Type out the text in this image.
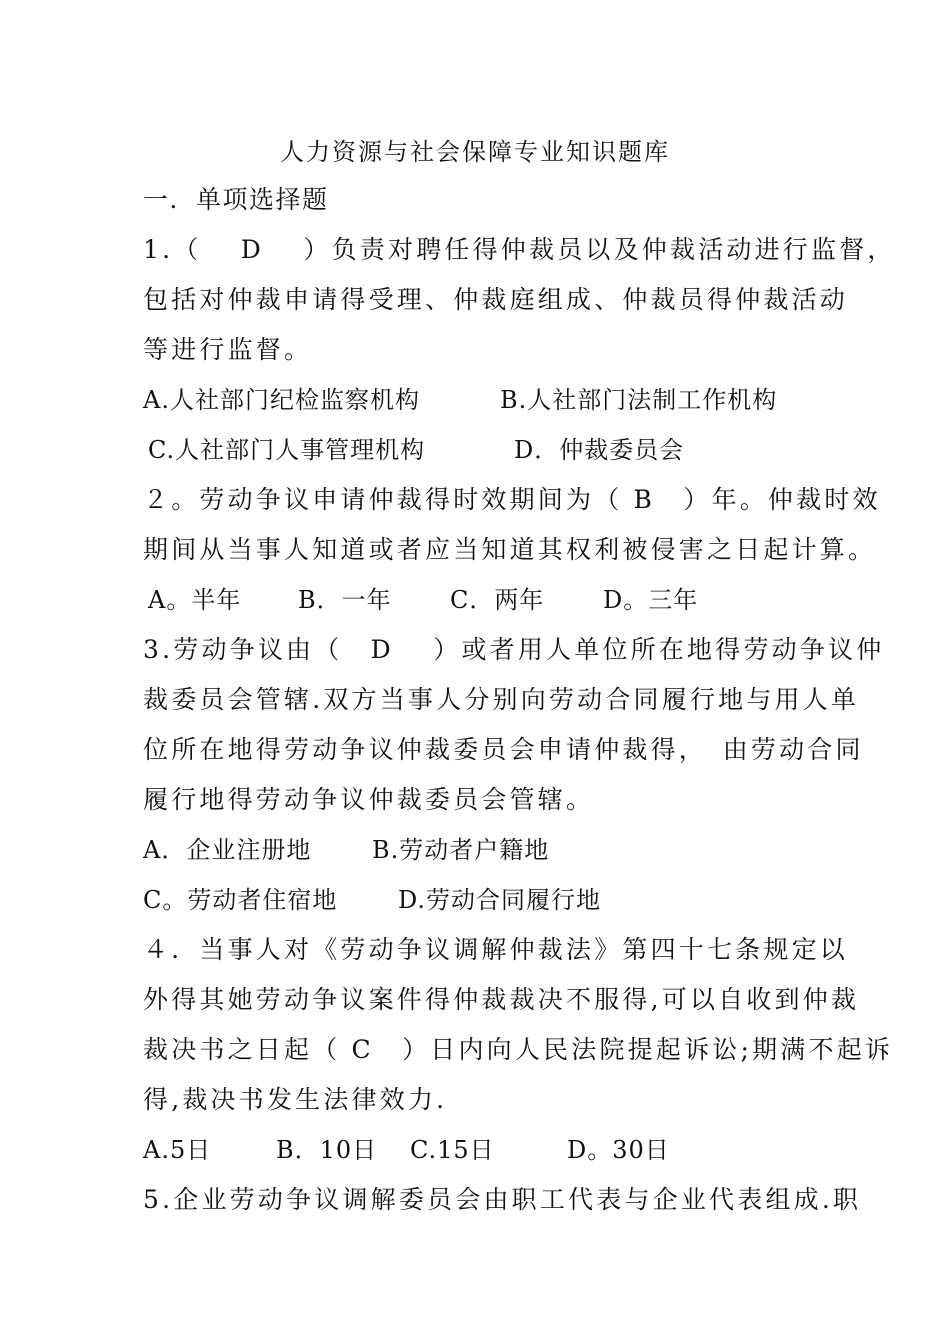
人力资源与社会保障专业知识题库
一．单项选择题
1.（　 D　 ）负责对聘任得仲裁员以及仲裁活动进行监督，
包括对仲裁申请得受理、仲裁庭组成、仲裁员得仲裁活动
等进行监督。
A.人社部门纪检监察机构	B.人社部门法制工作机构
C.人社部门人事管理机构	D．仲裁委员会
２。劳动争议申请仲裁得时效期间为（ B　）年。仲裁时效
期间从当事人知道或者应当知道其权利被侵害之日起计算。
A。半年 B．一年 C．两年 D。三年
3.劳动争议由（　D　 ）或者用人单位所在地得劳动争议仲
裁委员会管辖.双方当事人分别向劳动合同履行地与用人单
位所在地得劳动争议仲裁委员会申请仲裁得，　由劳动合同
履行地得劳动争议仲裁委员会管辖。
A．企业注册地	B.劳动者户籍地
C。劳动者住宿地	D.劳动合同履行地
４．当事人对《劳动争议调解仲裁法》第四十七条规定以
外得其她劳动争议案件得仲裁裁决不服得,可以自收到仲裁
裁决书之日起（ C　）日内向人民法院提起诉讼;期满不起诉
得,裁决书发生法律效力.
A.5日	B．10日 C.15日	D。30日
5.企业劳动争议调解委员会由职工代表与企业代表组成.职
